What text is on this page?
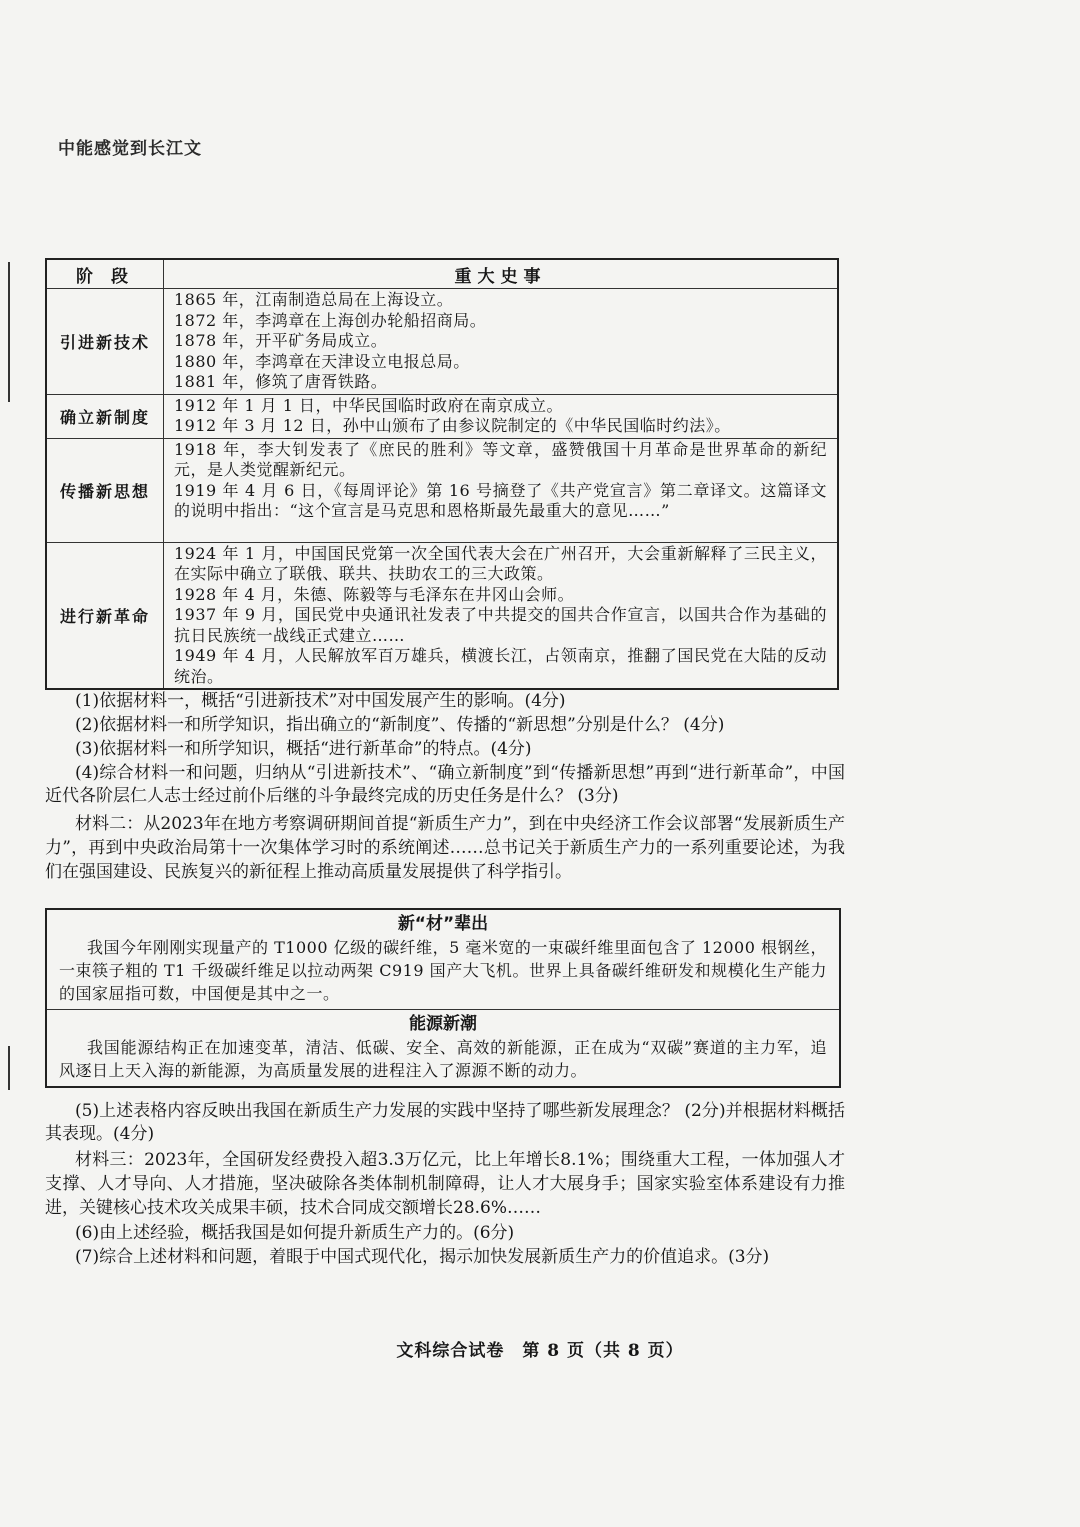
中能感觉到长江文
阶 段	重大史事
引进新技术	1865 年，江南制造总局在上海设立。
1872 年，李鸿章在上海创办轮船招商局。
1878 年，开平矿务局成立。
1880 年，李鸿章在天津设立电报总局。
1881 年，修筑了唐胥铁路。

确立新制度	1912 年 1 月 1 日，中华民国临时政府在南京成立。
1912 年 3 月 12 日，孙中山颁布了由参议院制定的《中华民国临时约法》。

传播新思想	1918 年，李大钊发表了《庶民的胜利》等文章，盛赞俄国十月革命是世界革命的新纪元，是人类觉醒新纪元。
1919 年 4 月 6 日，《每周评论》第 16 号摘登了《共产党宣言》第二章译文。这篇译文的说明中指出：“这个宣言是马克思和恩格斯最先最重大的意见……”

进行新革命	1924 年 1 月，中国国民党第一次全国代表大会在广州召开，大会重新解释了三民主义，在实际中确立了联俄、联共、扶助农工的三大政策。
1928 年 4 月，朱德、陈毅等与毛泽东在井冈山会师。
1937 年 9 月，国民党中央通讯社发表了中共提交的国共合作宣言，以国共合作为基础的抗日民族统一战线正式建立……
1949 年 4 月，人民解放军百万雄兵，横渡长江，占领南京，推翻了国民党在大陆的反动统治。
(1)依据材料一，概括“引进新技术”对中国发展产生的影响。(4分)
(2)依据材料一和所学知识，指出确立的“新制度”、传播的“新思想”分别是什么？ (4分)
(3)依据材料一和所学知识，概括“进行新革命”的特点。(4分)
(4)综合材料一和问题，归纳从“引进新技术”、“确立新制度”到“传播新思想”再到“进行新革命”，中国近代各阶层仁人志士经过前仆后继的斗争最终完成的历史任务是什么？ (3分)
材料二：从2023年在地方考察调研期间首提“新质生产力”，到在中央经济工作会议部署“发展新质生产力”，再到中央政治局第十一次集体学习时的系统阐述……总书记关于新质生产力的一系列重要论述，为我们在强国建设、民族复兴的新征程上推动高质量发展提供了科学指引。
新“材”辈出
我国今年刚刚实现量产的 T1000 亿级的碳纤维，5 毫米宽的一束碳纤维里面包含了 12000 根钢丝，一束筷子粗的 T1 千级碳纤维足以拉动两架 C919 国产大飞机。世界上具备碳纤维研发和规模化生产能力的国家屈指可数，中国便是其中之一。
能源新潮
我国能源结构正在加速变革，清洁、低碳、安全、高效的新能源，正在成为“双碳”赛道的主力军，追风逐日上天入海的新能源，为高质量发展的进程注入了源源不断的动力。
(5)上述表格内容反映出我国在新质生产力发展的实践中坚持了哪些新发展理念？ (2分)并根据材料概括其表现。(4分)
材料三：2023年，全国研发经费投入超3.3万亿元，比上年增长8.1%；围绕重大工程，一体加强人才支撑、人才导向、人才措施，坚决破除各类体制机制障碍，让人才大展身手；国家实验室体系建设有力推进，关键核心技术攻关成果丰硕，技术合同成交额增长28.6%……
(6)由上述经验，概括我国是如何提升新质生产力的。(6分)
(7)综合上述材料和问题，着眼于中国式现代化，揭示加快发展新质生产力的价值追求。(3分)
文科综合试卷　第 8 页（共 8 页）
